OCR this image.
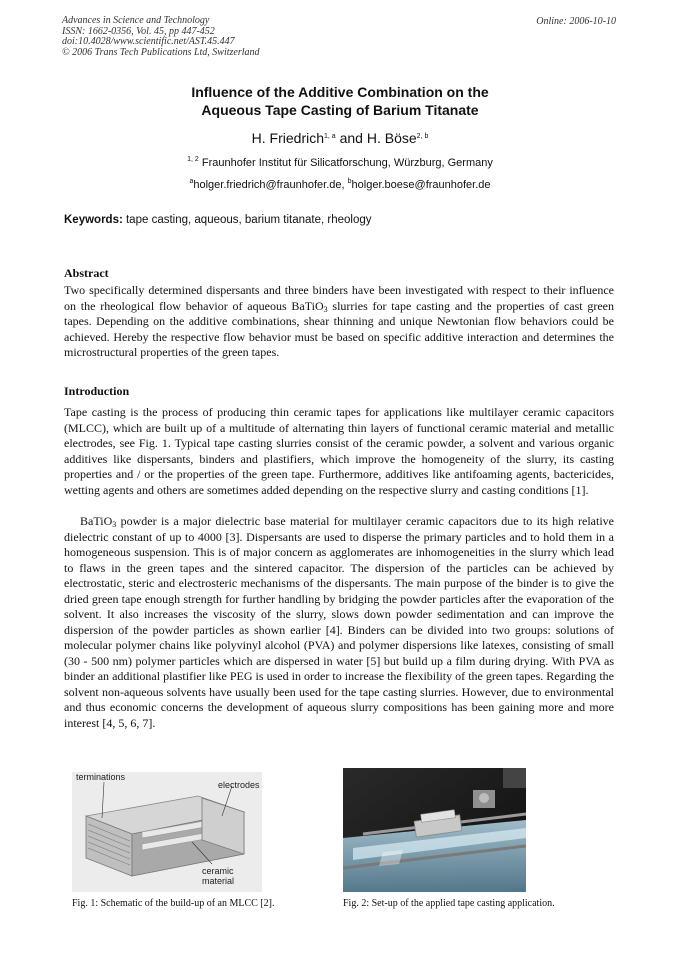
Advances in Science and Technology
ISSN: 1662-0356, Vol. 45, pp 447-452
doi:10.4028/www.scientific.net/AST.45.447
© 2006 Trans Tech Publications Ltd, Switzerland
Online: 2006-10-10
Influence of the Additive Combination on the
Aqueous Tape Casting of Barium Titanate
H. Friedrich$^{1, a}$ and H. Böse$^{2, b}$
$^{1, 2}$ Fraunhofer Institut für Silicatforschung, Würzburg, Germany
$^a$holger.friedrich@fraunhofer.de, $^b$holger.boese@fraunhofer.de
Keywords: tape casting, aqueous, barium titanate, rheology
Abstract
Two specifically determined dispersants and three binders have been investigated with respect to their influence on the rheological flow behavior of aqueous BaTiO$_3$ slurries for tape casting and the properties of cast green tapes. Depending on the additive combinations, shear thinning and unique Newtonian flow behaviors could be achieved. Hereby the respective flow behavior must be based on specific additive interaction and determines the microstructural properties of the green tapes.
Introduction
Tape casting is the process of producing thin ceramic tapes for applications like multilayer ceramic capacitors (MLCC), which are built up of a multitude of alternating thin layers of functional ceramic material and metallic electrodes, see Fig. 1. Typical tape casting slurries consist of the ceramic powder, a solvent and various organic additives like dispersants, binders and plastifiers, which improve the homogeneity of the slurry, its casting properties and / or the properties of the green tape. Furthermore, additives like antifoaming agents, bactericides, wetting agents and others are sometimes added depending on the respective slurry and casting conditions [1].
BaTiO$_3$ powder is a major dielectric base material for multilayer ceramic capacitors due to its high relative dielectric constant of up to 4000 [3]. Dispersants are used to disperse the primary particles and to hold them in a homogeneous suspension. This is of major concern as agglomerates are inhomogeneities in the slurry which lead to flaws in the green tapes and the sintered capacitor. The dispersion of the particles can be achieved by electrostatic, steric and electrosteric mechanisms of the dispersants. The main purpose of the binder is to give the dried green tape enough strength for further handling by bridging the powder particles after the evaporation of the solvent. It also increases the viscosity of the slurry, slows down powder sedimentation and can improve the dispersion of the powder particles as shown earlier [4]. Binders can be divided into two groups: solutions of molecular polymer chains like polyvinyl alcohol (PVA) and polymer dispersions like latexes, consisting of small (30 - 500 nm) polymer particles which are dispersed in water [5] but build up a film during drying. With PVA as binder an additional plastifier like PEG is used in order to increase the flexibility of the green tapes. Regarding the solvent non-aqueous solvents have usually been used for the tape casting slurries. However, due to environmental and thus economic concerns the development of aqueous slurry compositions has been gaining more and more interest [4, 5, 6, 7].
terminations
electrodes
ceramic
material
Fig. 1: Schematic of the build-up of an MLCC [2].	Fig. 2: Set-up of the applied tape casting application.
